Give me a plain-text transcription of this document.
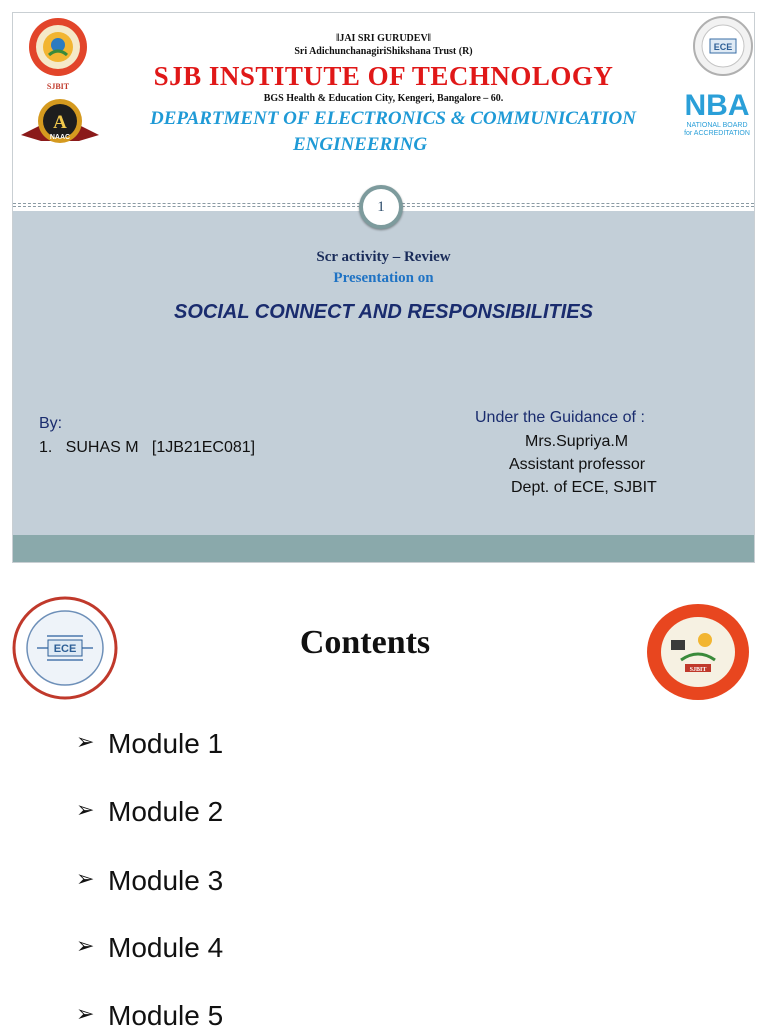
SJBIT
A
NAAC
ECE
NBA
NATIONAL BOARD
for ACCREDITATION
‖JAI SRI GURUDEV‖
Sri AdichunchanagiriShikshana Trust (R)
SJB INSTITUTE OF TECHNOLOGY
BGS Health & Education City, Kengeri, Bangalore – 60.
DEPARTMENT OF ELECTRONICS & COMMUNICATION
ENGINEERING
1
Scr activity – Review
Presentation on
SOCIAL CONNECT AND RESPONSIBILITIES
By:
1.   SUHAS M   [1JB21EC081]
Under the Guidance of :
Mrs.Supriya.M
Assistant professor
Dept. of ECE, SJBIT
ECE
SJBIT
Contents
➢ Module 1
➢ Module 2
➢ Module 3
➢ Module 4
➢ Module 5
